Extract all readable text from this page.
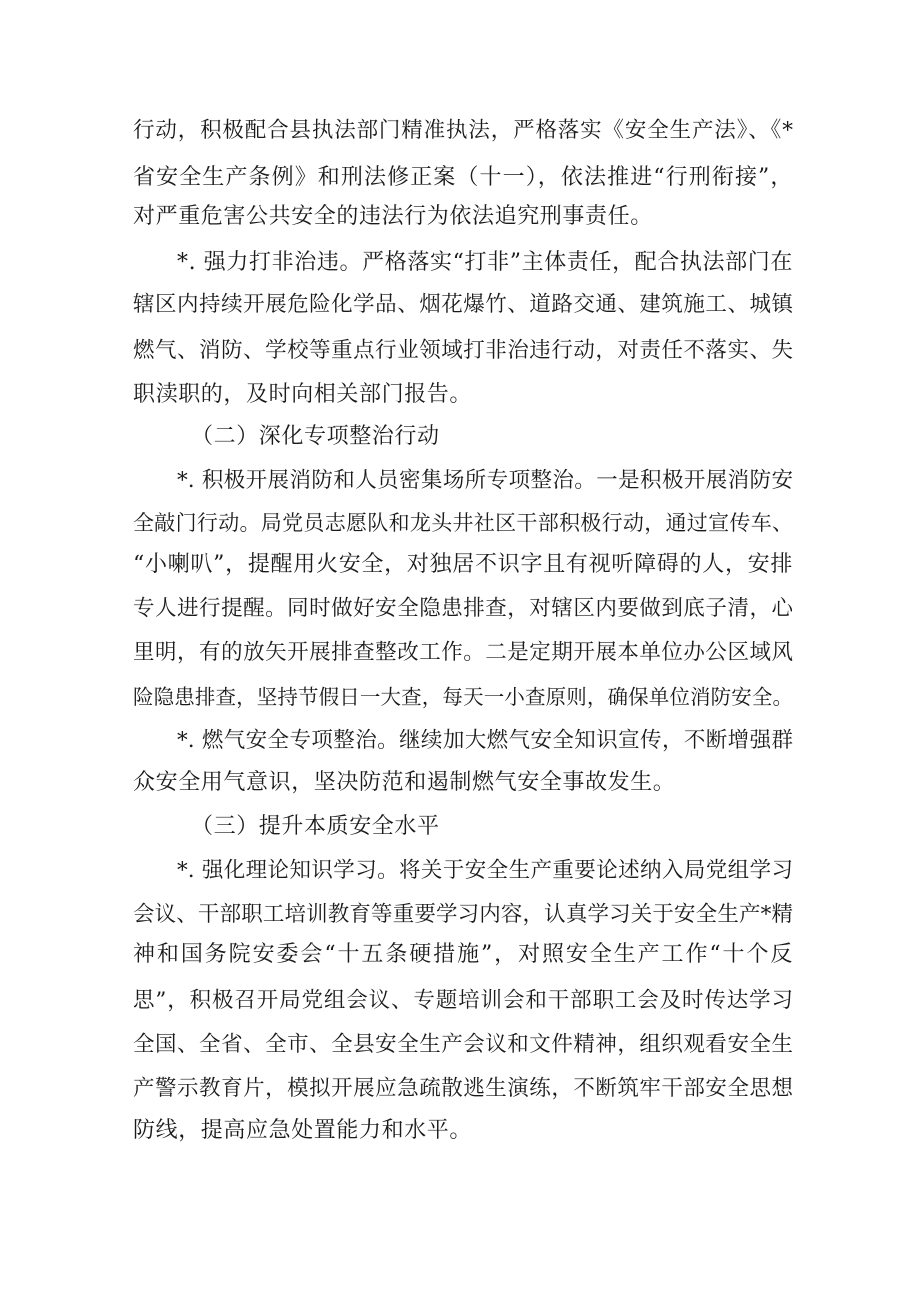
行动，积极配合县执法部门精准执法，严格落实《安全生产法》、《*
省安全生产条例》和刑法修正案（十一），依法推进“行刑衔接”，
对严重危害公共安全的违法行为依法追究刑事责任。
*. 强力打非治违。严格落实“打非”主体责任，配合执法部门在
辖区内持续开展危险化学品、烟花爆竹、道路交通、建筑施工、城镇
燃气、消防、学校等重点行业领域打非治违行动，对责任不落实、失
职渎职的，及时向相关部门报告。
（二）深化专项整治行动
*. 积极开展消防和人员密集场所专项整治。一是积极开展消防安
全敲门行动。局党员志愿队和龙头井社区干部积极行动，通过宣传车、
“小喇叭”，提醒用火安全，对独居不识字且有视听障碍的人，安排
专人进行提醒。同时做好安全隐患排查，对辖区内要做到底子清，心
里明，有的放矢开展排查整改工作。二是定期开展本单位办公区域风
险隐患排查，坚持节假日一大查，每天一小查原则，确保单位消防安全。
*. 燃气安全专项整治。继续加大燃气安全知识宣传，不断增强群
众安全用气意识，坚决防范和遏制燃气安全事故发生。
（三）提升本质安全水平
*. 强化理论知识学习。将关于安全生产重要论述纳入局党组学习
会议、干部职工培训教育等重要学习内容，认真学习关于安全生产*精
神和国务院安委会“十五条硬措施”，对照安全生产工作“十个反
思”，积极召开局党组会议、专题培训会和干部职工会及时传达学习
全国、全省、全市、全县安全生产会议和文件精神，组织观看安全生
产警示教育片，模拟开展应急疏散逃生演练，不断筑牢干部安全思想
防线，提高应急处置能力和水平。
